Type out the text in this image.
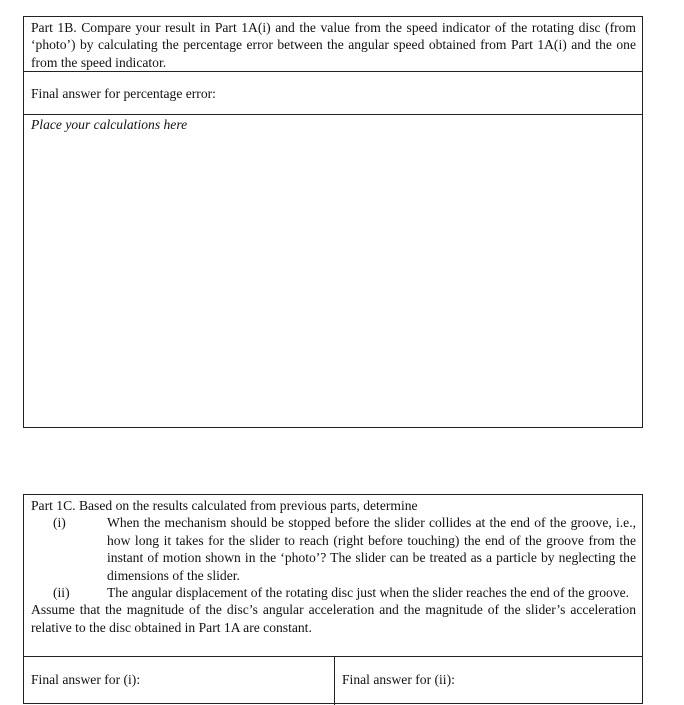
Part 1B. Compare your result in Part 1A(i) and the value from the speed indicator of the rotating disc (from ‘photo’) by calculating the percentage error between the angular speed obtained from Part 1A(i) and the one from the speed indicator.
Final answer for percentage error:
Place your calculations here
Part 1C. Based on the results calculated from previous parts, determine
(i)	When the mechanism should be stopped before the slider collides at the end of the groove, i.e., how long it takes for the slider to reach (right before touching) the end of the groove from the instant of motion shown in the ‘photo’? The slider can be treated as a particle by neglecting the dimensions of the slider.
(ii)	The angular displacement of the rotating disc just when the slider reaches the end of the groove.
Assume that the magnitude of the disc’s angular acceleration and the magnitude of the slider’s acceleration relative to the disc obtained in Part 1A are constant.
Final answer for (i):	Final answer for (ii):
